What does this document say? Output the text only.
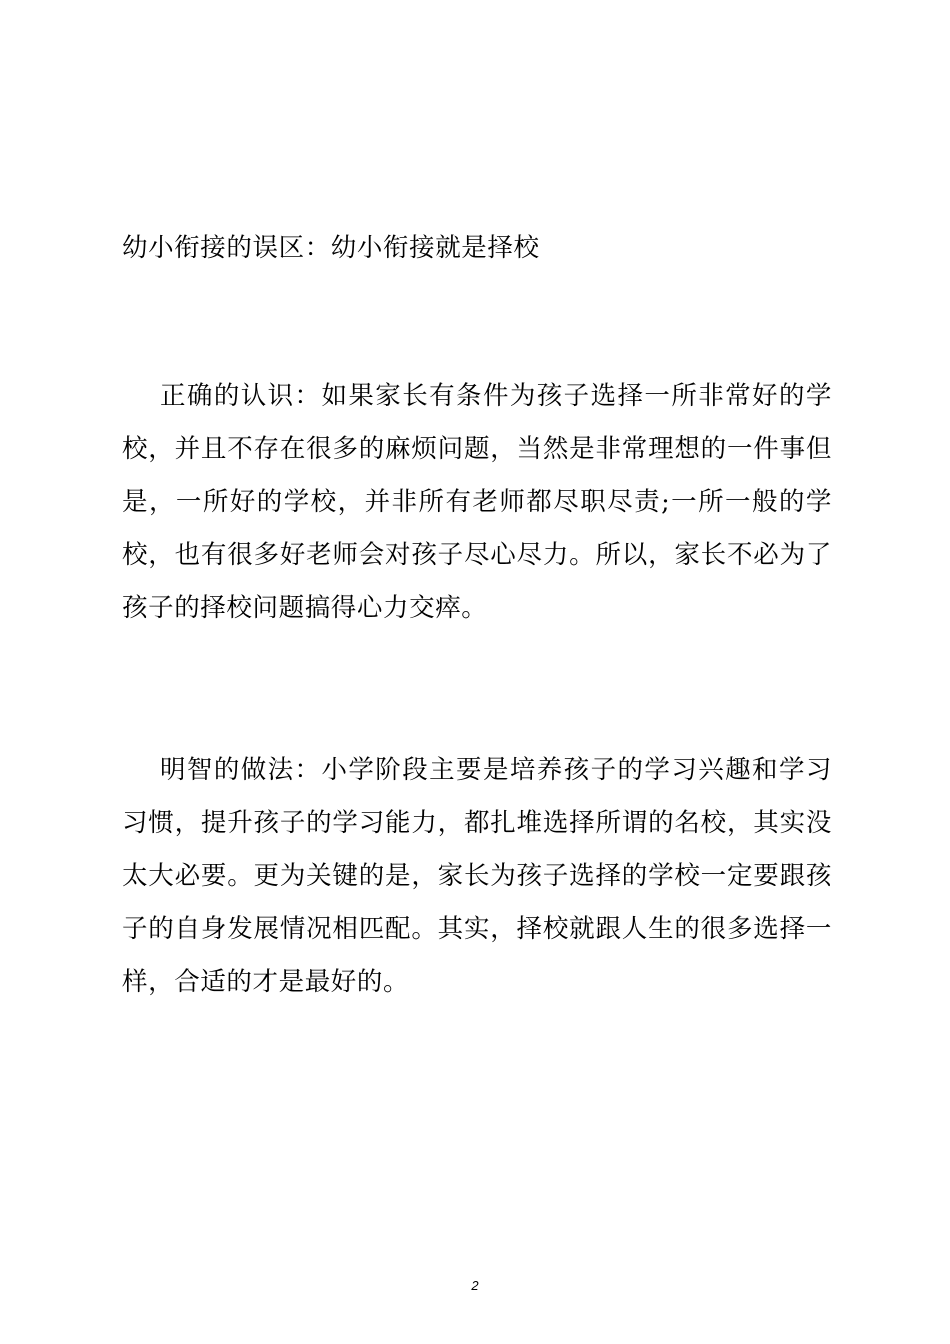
幼小衔接的误区：幼小衔接就是择校

正确的认识：如果家长有条件为孩子选择一所非常好的学校，并且不存在很多的麻烦问题，当然是非常理想的一件事但是，一所好的学校，并非所有老师都尽职尽责;一所一般的学校，也有很多好老师会对孩子尽心尽力。所以，家长不必为了孩子的择校问题搞得心力交瘁。

明智的做法：小学阶段主要是培养孩子的学习兴趣和学习习惯，提升孩子的学习能力，都扎堆选择所谓的名校，其实没太大必要。更为关键的是，家长为孩子选择的学校一定要跟孩子的自身发展情况相匹配。其实，择校就跟人生的很多选择一样，合适的才是最好的。

2
